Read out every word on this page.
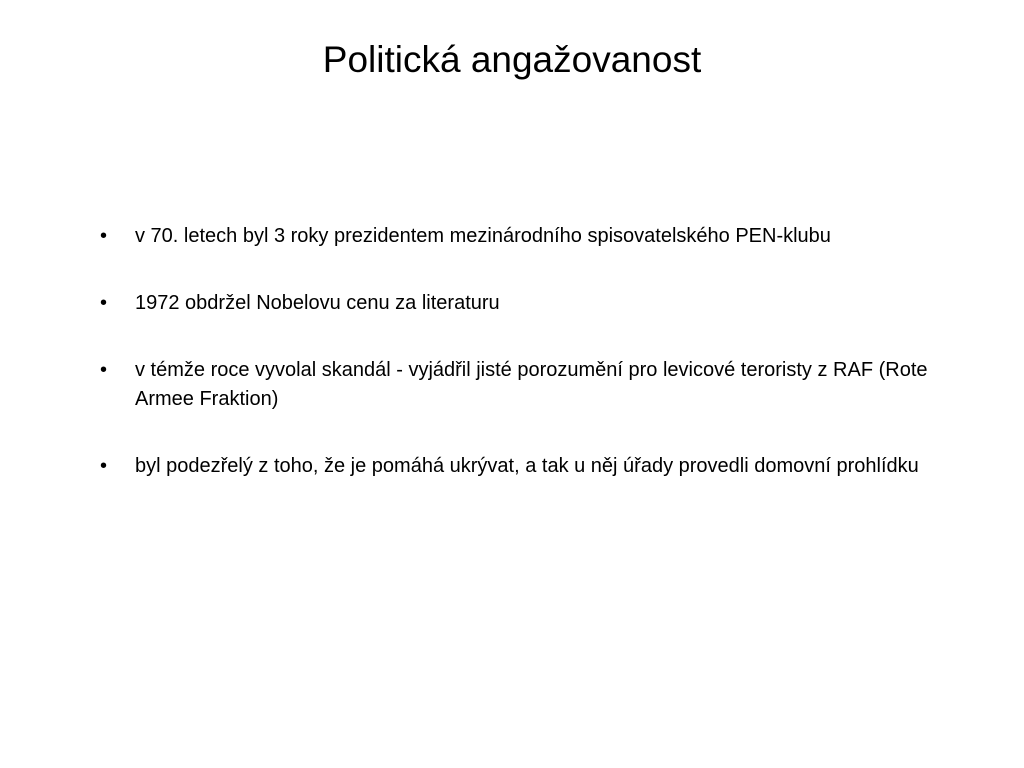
Politická angažovanost
•	v 70. letech byl 3 roky prezidentem mezinárodního spisovatelského PEN-klubu
•	1972 obdržel Nobelovu cenu za literaturu
•	v témže roce vyvolal skandál - vyjádřil jisté porozumění pro levicové teroristy z RAF (Rote Armee Fraktion)
•	byl podezřelý z toho, že je pomáhá ukrývat, a tak u něj úřady provedli domovní prohlídku
